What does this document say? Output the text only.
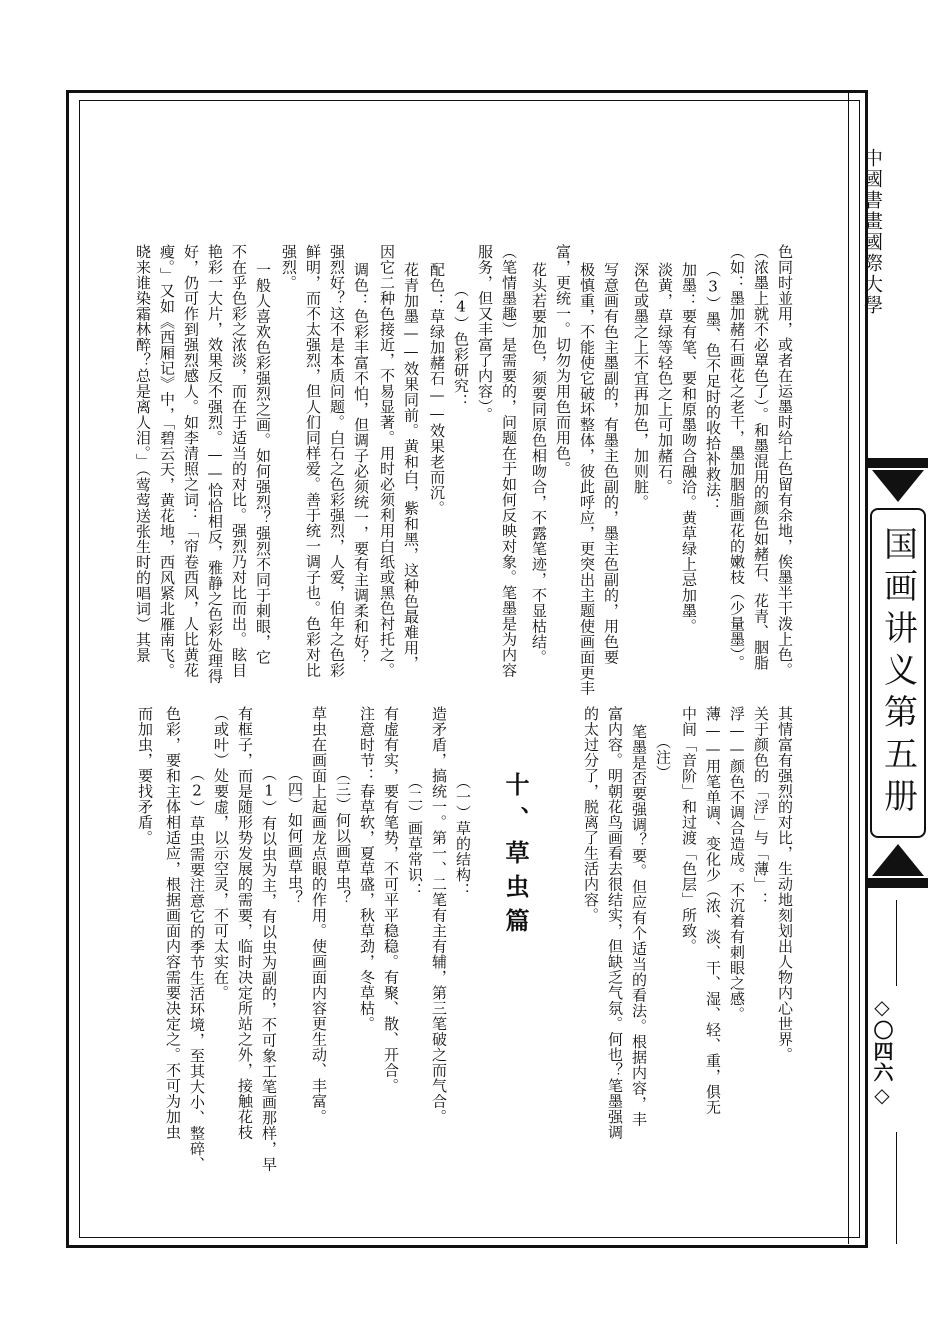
中國書畫國際大學
国画讲义第五册
◇〇四六◇
色同时並用，或者在运墨时给上色留有余地，俟墨半干泼上色。
（浓墨上就不必罩色了）。和墨混用的颜色如赭石、花青、胭脂
（如：墨加赭石画花之老干，墨加胭脂画花的嫩枝（少量墨）。
（3）墨、色不足时的收拾补救法：
加墨：要有笔、要和原墨吻合融洽。黄草绿上忌加墨。
淡黄，草绿等轻色之上可加赭石。
深色或墨之上不宜再加色，加则脏。
写意画有色主墨副的，有墨主色副的，墨主色副的，用色要
极慎重，不能使它破坏整体，彼此呼应，更突出主题使画面更丰
富，更统一。切勿为用色而用色。
花头若要加色，须要同原色相吻合，不露笔迹，不显枯结。
（笔情墨趣）是需要的，问题在于如何反映对象。笔墨是为内容
服务，但又丰富了内容）。
（4）色彩研究：
配色：草绿加赭石——效果老而沉。
花青加墨——效果同前。黄和白，紫和黑，这种色最难用，
因它二种色接近，不易显著。用时必须利用白纸或黑色衬托之。
调色：色彩丰富不怕，但调子必须统一，要有主调柔和好？
强烈好？这不是本质问题。白石之色彩强烈，人爱，伯年之色彩
鲜明，而不太强烈，但人们同样爱。善于统一调子也。色彩对比
强烈。
一般人喜欢色彩强烈之画。如何强烈？强烈不同于刺眼，它
不在乎色彩之浓淡，而在于适当的对比。强烈乃对比而出。眩目
艳彩一大片，效果反不强烈。——恰恰相反，雅静之色彩处理得
好，仍可作到强烈感人。如李清照之词：「帘卷西风，人比黄花
瘦。」又如《西厢记》中，「碧云天，黄花地，西风紧北雁南飞。
晓来谁染霜林醉？总是离人泪。」（莺莺送张生时的唱词）其景
十、草虫篇	其情富有强烈的对比，生动地刻划出人物内心世界。
关于颜色的「浮」与「薄」：
浮——颜色不调合造成。不沉着有刺眼之感。
薄——用笔单调、变化少（浓、淡、干、湿、轻、重，俱无
中间「音阶」和过渡「色层」所致。
（注）
笔墨是否要强调？要。但应有个适当的看法。根据内容，丰
富内容。明朝花鸟画看去很结实，但缺乏气氛。何也？笔墨强调
的太过分了，脱离了生活内容。
（一）草的结构：
造矛盾，搞统一。第一、二笔有主有辅，第三笔破之而气合。
（二）画草常识：
有虚有实，要有笔势，不可平平稳稳。有聚、散、开合。
注意时节：春草软，夏草盛，秋草劲，冬草枯。
（三）何以画草虫？
草虫在画面上起画龙点眼的作用。使画面内容更生动、丰富。
（四）如何画草虫？
（1）有以虫为主，有以虫为副的，不可象工笔画那样，早
有框子，而是随形势发展的需要，临时决定所站之外，接触花枝
（或叶）处要虚，以示空灵，不可太实在。
（2）草虫需要注意它的季节生活环境，至其大小、整碎、
色彩，要和主体相适应，根据画面内容需要决定之。不可为加虫
而加虫，要找矛盾。
